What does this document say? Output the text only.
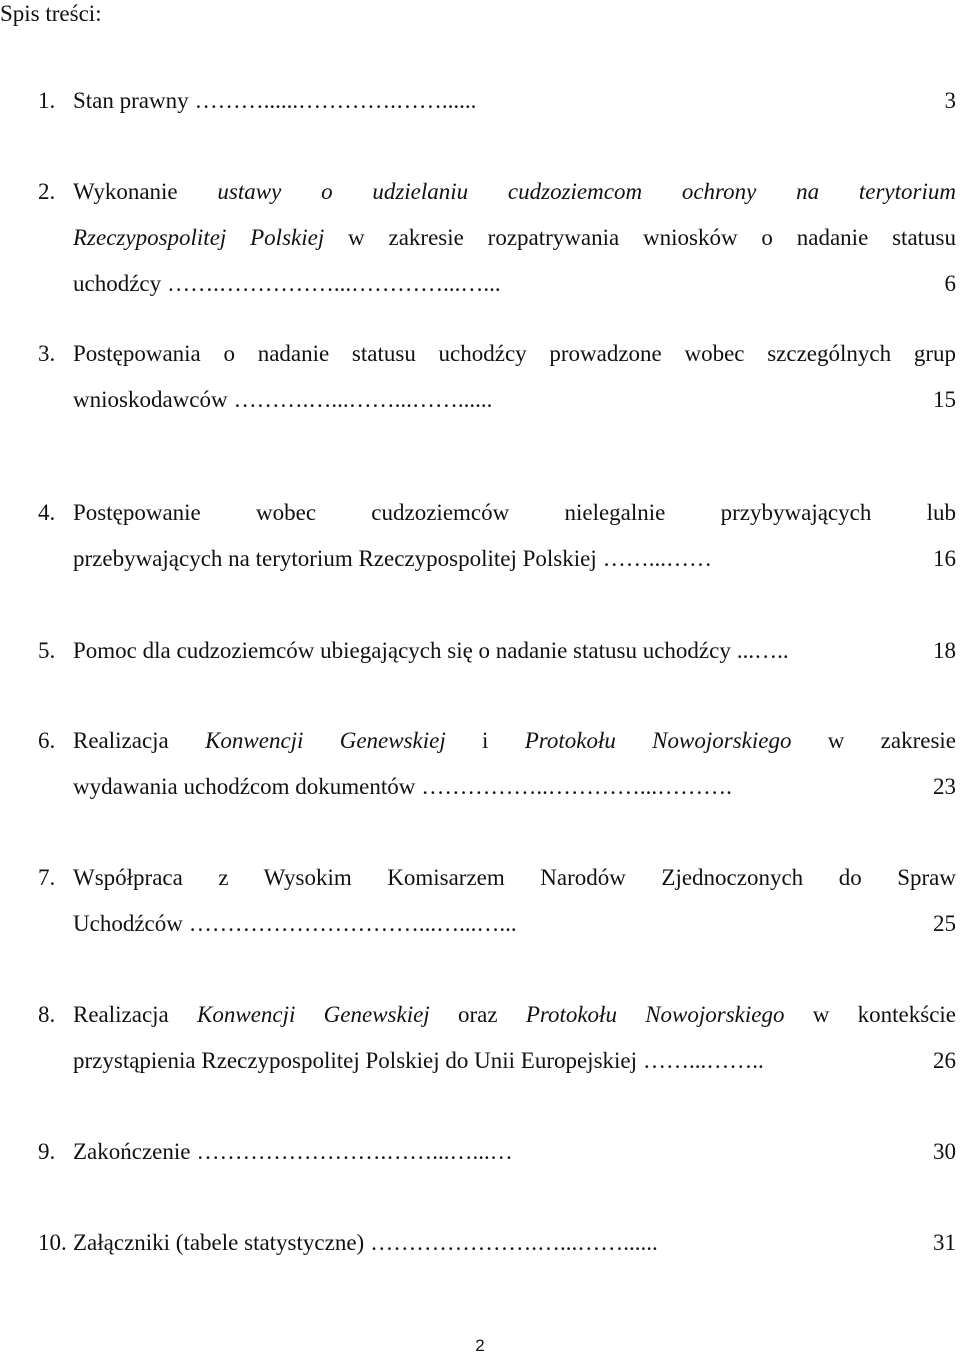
Spis treści:
1. Stan prawny ………......………….……......	3
2. Wykonanie ustawy o udzielaniu cudzoziemcom ochrony na terytorium
Rzeczypospolitej Polskiej w zakresie rozpatrywania wniosków o nadanie statusu
uchodźcy …….……………...…………...…...	6
3. Postępowania o nadanie statusu uchodźcy prowadzone wobec szczególnych grup
wnioskodawców ……….…...……...……......	15
4. Postępowanie wobec cudzoziemców nielegalnie przybywających lub
przebywających na terytorium Rzeczypospolitej Polskiej ……...……	16
5. Pomoc dla cudzoziemców ubiegających się o nadanie statusu uchodźcy ...…..	18
6. Realizacja Konwencji Genewskiej i Protokołu Nowojorskiego w zakresie
wydawania uchodźcom dokumentów ……………..…………...……….	23
7. Współpraca z Wysokim Komisarzem Narodów Zjednoczonych do Spraw
Uchodźców …………………………...…...…...	25
8. Realizacja Konwencji Genewskiej oraz Protokołu Nowojorskiego w kontekście
przystąpienia Rzeczypospolitej Polskiej do Unii Europejskiej ……...……..	26
9. Zakończenie …………………….……...…...…	30
10. Załączniki (tabele statystyczne) ………………….…...……......	31
2
